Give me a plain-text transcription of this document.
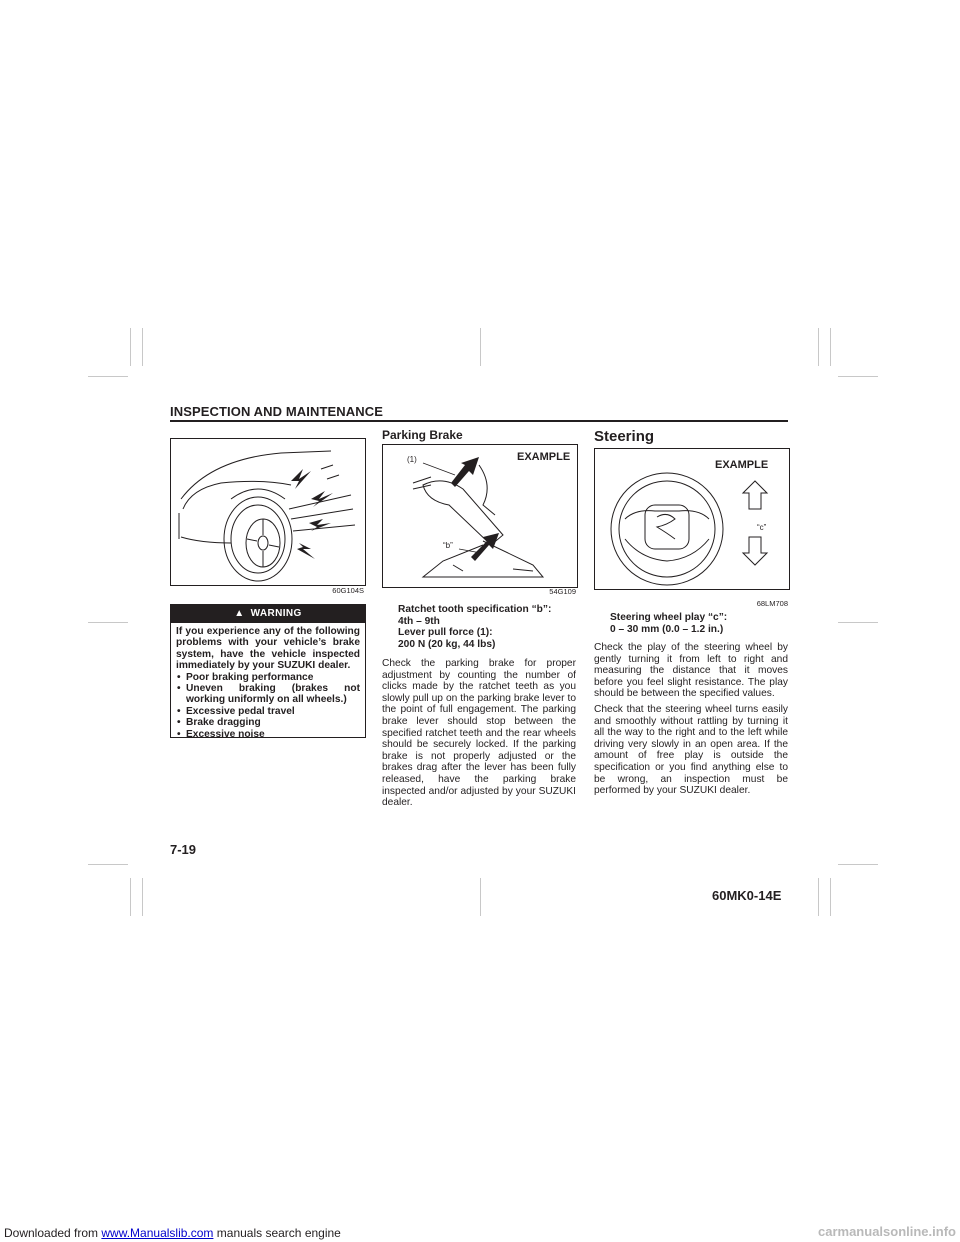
INSPECTION AND MAINTENANCE
60G104S
▲ WARNING
If you experience any of the following problems with your vehicle’s brake system, have the vehicle inspected immediately by your SUZUKI dealer.
• Poor braking performance
• Uneven braking (brakes not working uniformly on all wheels.)
• Excessive pedal travel
• Brake dragging
• Excessive noise
Parking Brake
EXAMPLE
(1)
“b”
54G109
Ratchet tooth specification “b”:
4th – 9th
Lever pull force (1):
200 N (20 kg, 44 lbs)

Check the parking brake for proper adjustment by counting the number of clicks made by the ratchet teeth as you slowly pull up on the parking brake lever to the point of full engagement. The parking brake lever should stop between the specified ratchet teeth and the rear wheels should be securely locked. If the parking brake is not properly adjusted or the brakes drag after the lever has been fully released, have the parking brake inspected and/or adjusted by your SUZUKI dealer.

Steering
EXAMPLE
“c”
68LM708
Steering wheel play “c”:
0 – 30 mm (0.0 – 1.2 in.)

Check the play of the steering wheel by gently turning it from left to right and measuring the distance that it moves before you feel slight resistance. The play should be between the specified values.

Check that the steering wheel turns easily and smoothly without rattling by turning it all the way to the right and to the left while driving very slowly in an open area. If the amount of free play is outside the specification or you find anything else to be wrong, an inspection must be performed by your SUZUKI dealer.

7-19
60MK0-14E
Downloaded from www.Manualslib.com manuals search engine	carmanualsonline.info
